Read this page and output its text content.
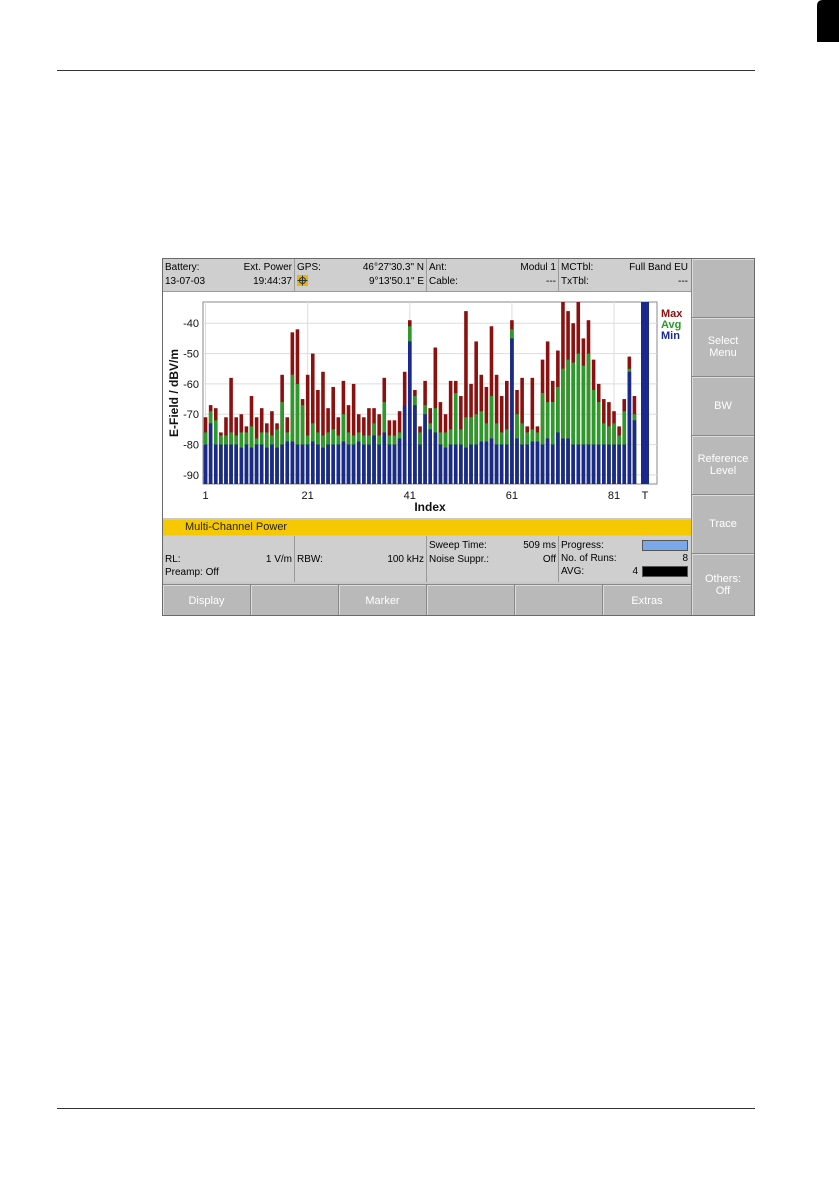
Battery:	Ext. Power
13-07-03	19:44:37
GPS:	46°27'30.3" N
9°13'50.1" E
Ant:	Modul 1
Cable:	---
MCTbl:	Full Band EU
TxTbl:	---
Select
Menu
BW
Reference
Level
Trace
Others:
Off
-40
-50
-60
-70
-80
-90
1	21	41	61	81 T
Max
Avg
Min
Index
E-Field / dBV/m
Multi-Channel Power
RL:	1 V/m
Preamp: Off
RBW:	100 kHz
Sweep Time:	509 ms
Noise Suppr.:	Off
Progress:
No. of Runs:	8
AVG:	4
Display	Marker	Extras
